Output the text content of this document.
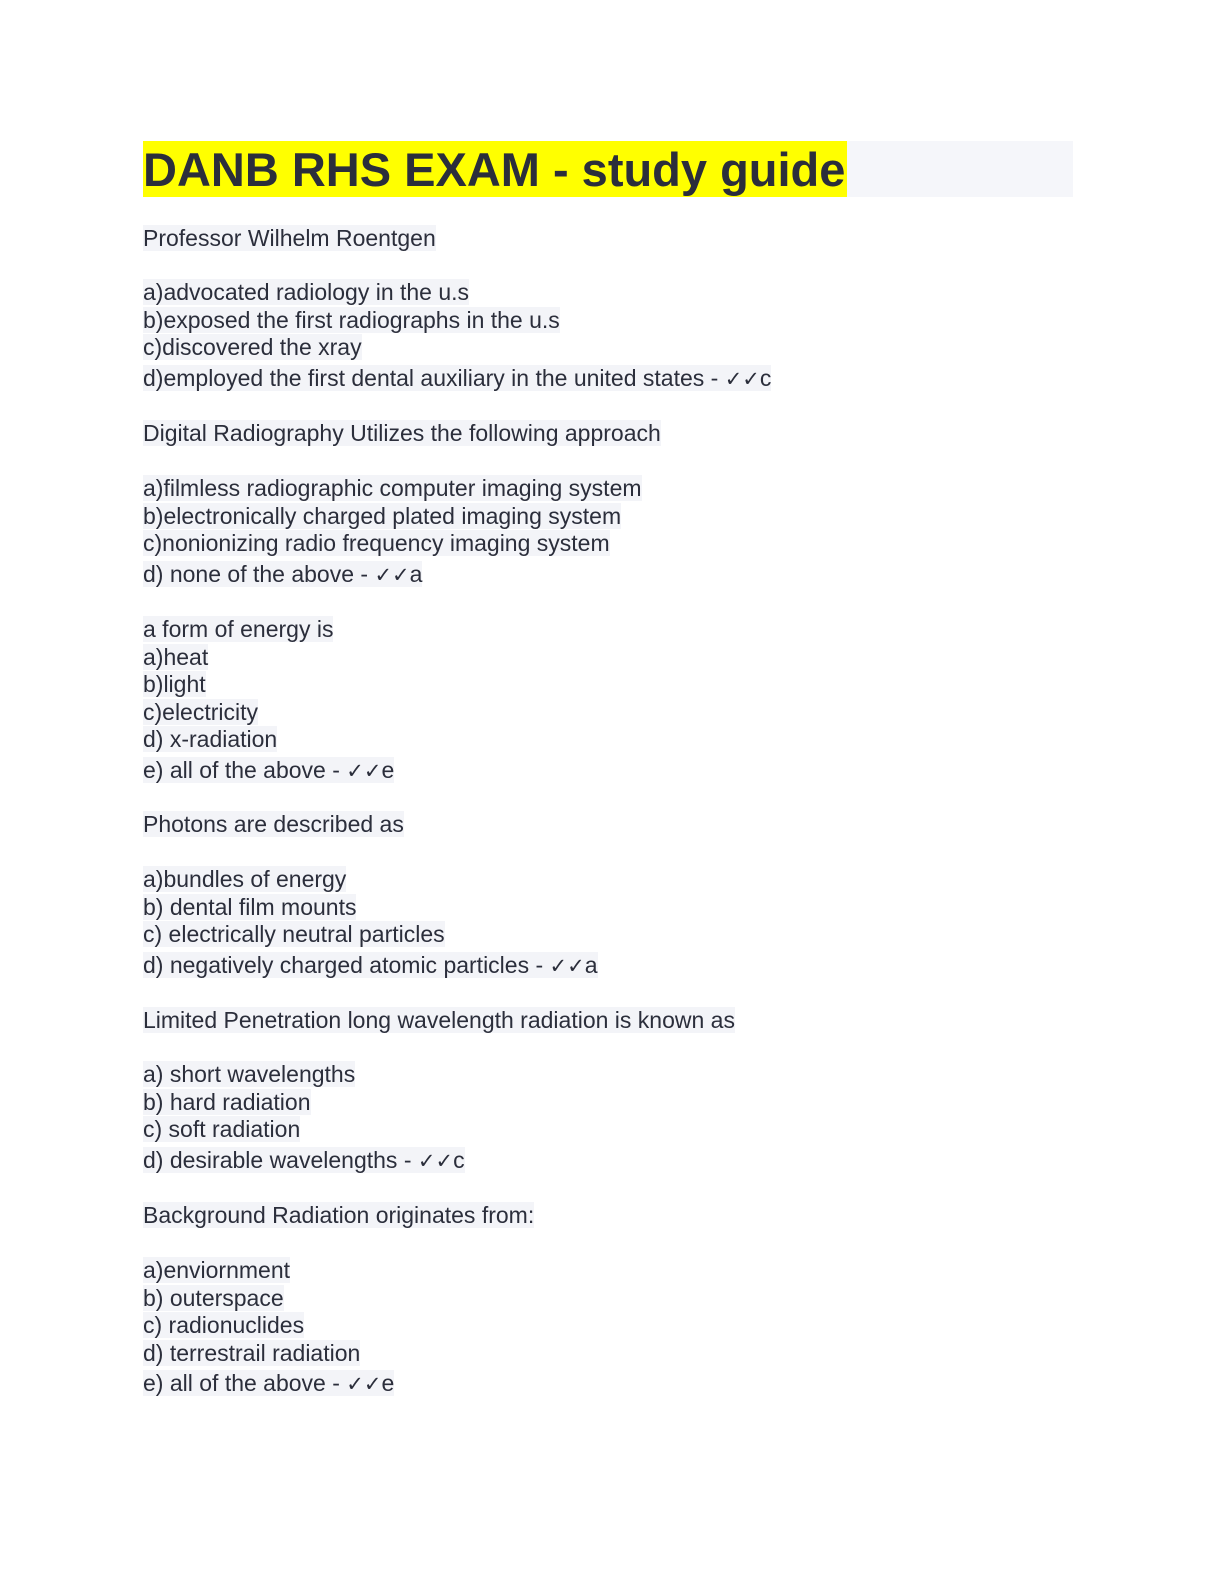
DANB RHS EXAM - study guide
Professor Wilhelm Roentgen
a)advocated radiology in the u.s
b)exposed the first radiographs in the u.s
c)discovered the xray
d)employed the first dental auxiliary in the united states - ✓✓c
Digital Radiography Utilizes the following approach
a)filmless radiographic computer imaging system
b)electronically charged plated imaging system
c)nonionizing radio frequency imaging system
d) none of the above - ✓✓a
a form of energy is
a)heat
b)light
c)electricity
d) x-radiation
e) all of the above - ✓✓e
Photons are described as
a)bundles of energy
b) dental film mounts
c) electrically neutral particles
d) negatively charged atomic particles - ✓✓a
Limited Penetration long wavelength radiation is known as
a) short wavelengths
b) hard radiation
c) soft radiation
d) desirable wavelengths - ✓✓c
Background Radiation originates from:
a)enviornment
b) outerspace
c) radionuclides
d) terrestrail radiation
e) all of the above - ✓✓e
